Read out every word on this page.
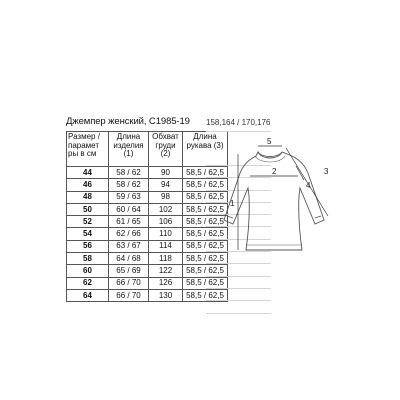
Джемпер женский, С1985-19 158,164 / 170,176
Размер /
парамет
ры в см	Длина
изделия
(1)	Обхват
груди
(2)	Длина
рукава (3)
44	58 / 62	90	58,5 / 62,5
46	58 / 62	94	58,5 / 62,5
48	59 / 63	98	58,5 / 62,5
50	60 / 64	102	58,5 / 62,5
52	61 / 65	106	58,5 / 62,5
54	62 / 66	110	58,5 / 62,5
56	63 / 67	114	58,5 / 62,5
58	64 / 68	118	58,5 / 62,5
60	65 / 69	122	58,5 / 62,5
62	66 / 70	126	58,5 / 62,5
64	66 / 70	130	58,5 / 62,5
5
2
1
3
4
